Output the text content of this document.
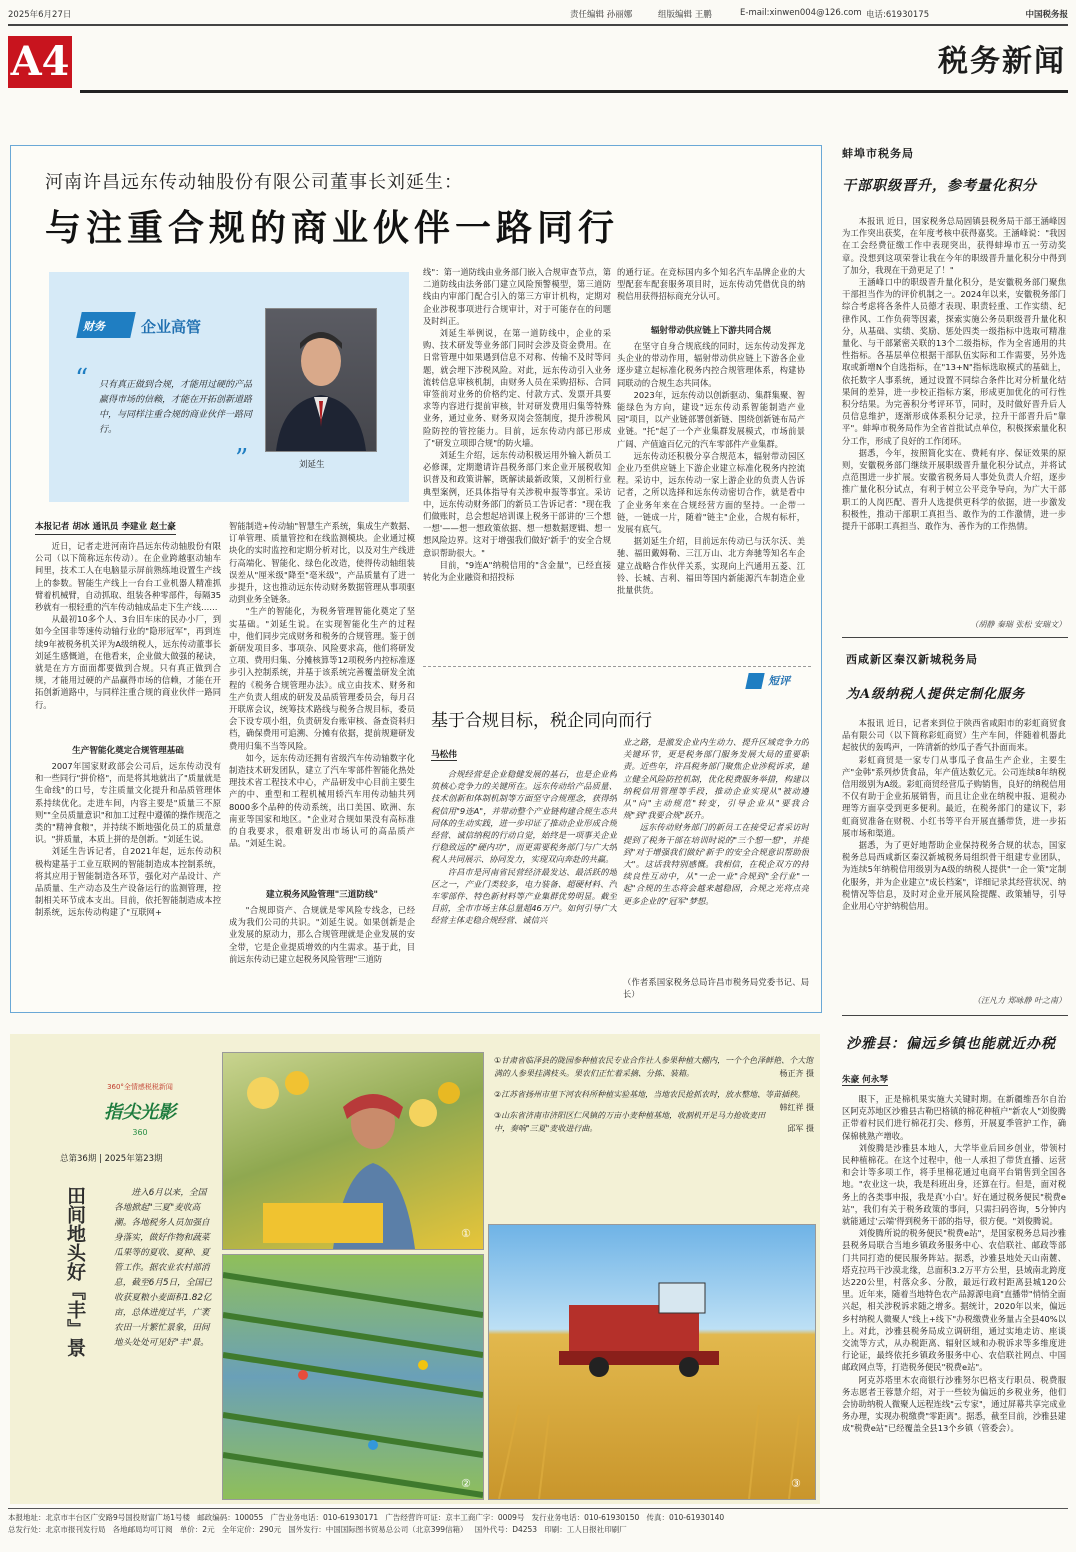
2025年6月27日	责任编辑 孙丽娜	组版编辑 王鹏	E-mail:xinwen004@126.com 电话:61930175	中国税务报
A4	税务新闻
河南许昌远东传动轴股份有限公司董事长刘延生：
与注重合规的商业伙伴一路同行
财务 企业高管
“ 只有真正做到合规，才能用过硬的产品赢得市场的信赖，才能在开拓创新道路中，与同样注重合规的商业伙伴一路同行。
”	刘延生
本报记者 胡冰 通讯员 李建业 赵士豪

近日，记者走进河南许昌远东传动轴股份有限公司（以下简称远东传动）。在企业跨越驱动轴车间里，技术工人在电脑显示屏前熟练地设置生产线上的参数。智能生产线上一台台工业机器人精准抓臂着机械臂，自动抓取、组装各种零部件，每隔35秒就有一根轻重的汽车传动轴成品走下生产线……

从最初10多个人、3台旧车床的民办小厂，到如今全国非等速传动轴行业的"隐形冠军"，再到连续9年被税务机关评为A级纳税人，远东传动董事长刘延生感慨道，在他看来，企业做大做强的秘诀，就是在方方面面都要做到合规。只有真正做到合规，才能用过硬的产品赢得市场的信赖，才能在开拓创新道路中，与同样注重合规的商业伙伴一路同行。

生产智能化奠定合规管理基础

2007年国家财政部会公司后，远东传动没有和一些同行"拼价格"，而是将其地就出了"质量就是生命线"的口号，专注质量文化提升和品质管理体系持续优化。走进车间，内容主要是"质量三不原则""全员质量意识"和加工过程中遵循的操作规范之类的"精神食粮"，并持续不断地强化员工的质量意识。"拼质量，本质上拼的是创新。"刘延生说。

刘延生告诉记者，自2021年起，远东传动积极构建基于工业互联网的智能制造成本控制系统，将其应用于智能制造各环节，强化对产品设计、产品质量、生产动态及生产设备运行的监测管理，控制相关环节成本支出。目前，依托智能制造成本控制系统，远东传动构建了"互联网+

智能制造+传动轴"智慧生产系统，集成生产数据、订单管理、质量管控和在线监测模块。企业通过模块化的实时监控和定期分析对比，以及对生产线进行高端化、智能化、绿色化改造，使得传动轴组装误差从"厘米级"降至"毫米级"，产品质量有了进一步提升，这也推动远东传动财务数据管理从事项驱动到业务全链条。

"生产的智能化，为税务管理智能化奠定了坚实基础。"刘延生说。在实现智能化生产的过程中，他们同步完成财务和税务的合规管理。鉴于创新研发项目多、事项杂、风险要求高，他们将研发立项、费用归集、分摊核算等12项税务内控标准逐步引入控制系统，并基于该系统完善覆盖研发全流程的《税务合规管理办法》。成立由技术、财务和生产负责人组成的研发及品质管理委员会，每月召开联席会议，统筹技术路线与税务合规目标，委员会下设专项小组，负责研发台账审核、备查资料归档，确保费用可追溯、分摊有依据，提前规避研发费用归集不当等风险。

如今，远东传动还拥有省级汽车传动轴数字化制造技术研发团队，建立了汽车零部件智能化热处理技术省工程技术中心，产品研发中心目前主要生产的中、重型和工程机械用轿汽车用传动轴共列8000多个品种的传动系统，出口美国、欧洲、东南亚等国家和地区。"企业对合规如果没有高标准的自我要求，很难研发出市场认可的高品质产品。"刘延生说。

建立税务风险管理"三道防线"

"合规即资产、合规就是零风险专线念，已经成为我们公司的共识。"刘延生说。如果创新是企业发展的原动力，那么合规管理就是企业发展的安全带，它是企业提质增效的内生需求。基于此，目前远东传动已建立起税务风险管理"三道防

线"：第一道防线由业务部门嵌入合规审查节点，第二道防线由法务部门建立风险预警模型，第三道防线由内审部门配合引入的第三方审计机构，定期对企业涉税事项进行合规审计，对于可能存在的问题及时纠正。

刘延生举例说，在第一道防线中，企业的采购、技术研发等业务部门同时会涉及资金费用。在日常管理中如果遇到信息不对称、传输不及时等问题，就会埋下涉税风险。对此，远东传动引入业务流转信息审核机制，由财务人员在采购招标、合同审签前对业务的价格约定、付款方式、发票开具要求等内容进行提前审核，针对研发费用归集等特殊业务，通过业务、财务双岗会签制度，提升涉税风险防控的管控能力。目前，远东传动内部已形成了"研发立项即合规"的防火墙。

刘延生介绍，远东传动积极运用外输入新员工必修课，定期邀请许昌税务部门来企业开展税收知识普及和政策讲解，既解读最新政策，又剖析行业典型案例，还具体指导有关涉税申报等事宜。采访中，远东传动财务部门的新员工告诉记者："现在我们做账时，总会想起培训课上税务干部讲的'三个想一想'——想一想政策依据、想一想数据逻辑、想一想风险边界。这对于增强我们做好'新手'的安全合规意识帮助很大。"

目前，"9连A"纳税信用的"含金量"，已经直接转化为企业融资和招投标

的通行证。在竞标国内多个知名汽车品牌企业的大型配套车配套服务项目时，远东传动凭借优良的纳税信用获得招标商充分认可。

辐射带动供应链上下游共同合规

在坚守自身合规底线的同时，远东传动发挥龙头企业的带动作用，辐射带动供应链上下游各企业逐步建立起标准化税务内控合规管理体系，构建协同联动的合规生态共同体。

2023年，远东传动以创新驱动、集群集聚、智能绿色为方向，建设"远东传动系智能制造产业园"项目，以产业链部署创新链、围绕创新链布局产业链。"托"起了一个产业集群发展模式，市场前景广阔、产值逾百亿元的汽车零部件产业集群。

远东传动还积极分享合规范本，辐射带动园区企业乃至供应链上下游企业建立标准化税务内控流程。采访中，远东传动一家上游企业的负责人告诉记者，之所以选择和远东传动密切合作，就是看中了企业务年来在合规经营方面的坚持。一企带一链，一链成一片，随着"链主"企业，合规有标杆，发展有底气。

据刘延生介绍，目前远东传动已与沃尔沃、美驰、福田戴姆勒、三江万山、北方奔驰等知名车企建立战略合作伙伴关系，实现向上汽通用五菱、江铃、长城、吉利、福田等国内新能源汽车制造企业批量供货。

短评
基于合规目标，税企同向而行
马松伟

合规经营是企业稳健发展的基石，也是企业构筑核心竞争力的关键所在。远东传动给产品质量、技术创新和体制机制等方面坚守合规理念，获得纳税信用"9连A"，并带动整个产业链构建合规生态共同体的生动实践，进一步印证了推动企业形成合规经营、诚信纳税的行动自觉，始终是一项事关企业行稳致远的"硬内功"，而更需要税务部门与广大纳税人共同展示、协同发力，实现双向奔赴的共赢。

许昌市是河南省民营经济最发达、最活跃的地区之一，产业门类较多，电力装备、超硬材料、汽车零部件、特色新材料等产业集群优势明显。截至目前，全市市场主体总量超46万户。如何引导广大经营主体走稳合规经营、诚信兴

业之路，是激发企业内生动力、提升区域竞争力的关键环节，更是税务部门服务发展大局的重要职责。近些年，许昌税务部门聚焦企业涉税诉求，建立健全风险防控机制，优化税费服务举措，构建以纳税信用管理等手段，推动企业实现从"被动遵从"向"主动规范"转变，引导企业从"要我合规"到"我要合规"跃升。

远东传动财务部门的新员工在接受记者采访时提到了税务干部在培训时说的"三个想一想"，并提到"对于增强我们做好'新手'的安全合规意识帮助很大"。这话我特别感慨。我相信，在税企双方的持续良性互动中，从"一企一业"合规到"全行业"一起"合规的生态将会越来越稳固，合规之光将点亮更多企业的"冠军"梦想。

（作者系国家税务总局许昌市税务局党委书记、局长）
蚌埠市税务局
干部职级晋升，参考量化积分

本报讯 近日，国家税务总局固镇县税务局干部王涵峰因为工作突出获奖，在年度考核中获得嘉奖。王涵峰说："我因在工会经费征缴工作中表现突出，获得蚌埠市五一劳动奖章。没想到这项荣誉让我在今年的职级晋升量化积分中得到了加分，我现在干劲更足了！"

王涵峰口中的职级晋升量化积分，是安徽税务部门聚焦干部担当作为的评价机制之一。2024年以来，安徽税务部门综合考虑将各条件人员德才表现、职责轻重、工作实绩、纪律作风、工作负荷等因素，探索实施公务员职级晋升量化积分，从基础、实绩、奖励、惩处四类一级指标中选取可精准量化、与干部紧密关联的13个二级指标，作为全省通用的共性指标。各基层单位根据干部队伍实际和工作需要，另外选取或新增N个自选指标，在"13+N"指标选取模式的基础上，依托数字人事系统，通过设置不同综合条件比对分析量化结果间的差异，进一步校正指标方案，形成更加优化的可行性积分结果。为完善积分考评环节，同时，及时做好晋升后人员信息维护，逐渐形成体系积分记录，拉升干部晋升后"靠平"。蚌埠市税务局作为全省首批试点单位，积极探索量化积分工作，形成了良好的工作闭环。

据悉，今年，按照简化实在、费耗有序、保证效果的原则，安徽税务部门继续开展职级晋升量化积分试点，并将试点范围进一步扩展。安徽省税务局人事处负责人介绍，逐步推广量化积分试点，有利于树立公平竞争导向，为广大干部职工的人岗匹配、晋升人选提供更科学的依据，进一步激发积极性，推动干部职工真担当、敢作为的工作激情，进一步提升干部职工真担当、敢作为、善作为的工作热情。

（胡静 秦瑞 张松 安瑞文）
西咸新区秦汉新城税务局
为A级纳税人提供定制化服务

本报讯 近日，记者来到位于陕西省咸阳市的彩虹商贸食品有限公司（以下简称彩虹商贸）生产车间，伴随着机器此起彼伏的轰鸣声，一阵清新的炒瓜子香气扑面而来。

彩虹商贸是一家专门从事瓜子食品生产企业，主要生产"金韩"系列炒货食品，年产值达数亿元。公司连续8年纳税信用级别为A级。彩虹商贸经营瓜子购销售，良好的纳税信用不仅有助于企业拓展销售，而且让企业在纳税申报、退税办理等方面享受到更多便利。最近，在税务部门的建议下，彩虹商贸准备在财税、小红书等平台开展直播带货，进一步拓展市场和渠道。

据悉，为了更好地帮助企业保持税务合规的状态，国家税务总局西咸新区秦汉新城税务局组织骨干组建专业团队，为连续5年纳税信用级别为A级的纳税人提供"一企一策"定制化服务，并为企业建立"成长档案"，详细记录其经营状况、纳税情况等信息，及时对企业开展风险提醒、政策辅导，引导企业用心守护纳税信用。

（汪凡力 郑咏静 叶之南）
沙雅县：偏远乡镇也能就近办税
朱豪 何永琴

眼下，正是棉机果实施大关键时期。在新疆维吾尔自治区阿克苏地区沙雅县古勒巴格镇的棉花种植户"新农人"刘俊腾正带着村民们进行棉花打尖、修剪，开展夏季管护工作，确保棉桃熟产增收。

刘俊腾是沙雅县本地人，大学毕业后回乡创业，带领村民种植棉花。在这个过程中，他一人承担了带货直播、运营和会计等多项工作，将手里棉花通过电商平台销售到全国各地。"农业这一块，我是科班出身，还算在行。但是，面对税务上的各类事申报，我是真'小白'。好在通过税务便民"税费e站"，我们有关于税务政策的事问，只需扫码咨询，5分钟内就能通过'云端'得到税务干部的指导，很方便。"刘俊腾说。

刘俊腾所说的税务便民"税费e站"，是国家税务总局沙雅县税务局联合当地乡镇政务服务中心、农信联社、邮政等部门共同打造的便民服务阵站。据悉，沙雅县地处天山南麓、塔克拉玛干沙漠北缘，总面积3.2万平方公里，县域南北跨度达220公里，村落众多、分散，最远行政村距离县城120公里。近年来，随着当地特色农产品源源电商"直播带"悄悄全面兴起，相关涉税诉求随之增多。据统计，2020年以来，偏远乡村纳税人微聚人"线上+线下"办税缴费业务量占全县40%以上。对此，沙雅县税务局成立调研组，通过实地走访、座谈交流等方式，从办税距离、辐射区域和办税诉求等多维度进行论证，最终依托乡镇政务服务中心、农信联社网点、中国邮政网点等，打造税务便民"税费e站"。

阿克苏塔里木农商银行沙雅努尔巴格支行职员、税费服务志愿者王蓉慧介绍，对于一些较为偏远的乡税业务，他们会协助纳税人微聚人远程连线"云专家"，通过屏幕共享完成业务办理，实现办税缴费"零距离"。据悉，截至目前，沙雅县建成"税费e站"已经覆盖全县13个乡镇（管委会）。

360°全情感税税新闻
指尖光影
360
总第36期 | 2025年第23期
田间地头好『丰』景	进入6月以来，全国各地掀起"三夏"麦收高潮。各地税务人员加强自身落实，做好作物和蔬菜瓜果等的夏收、夏种、夏管工作。据农业农村部消息，截至6月5日，全国已收获夏粮小麦面积1.82亿亩，总体进度过半，广袤农田一片繁忙景象，田间地头处处可见好"丰"景。

①
②

①甘肃省临泽县的陇园参种植农民专业合作社人参果种植大棚内，一个个色泽鲜艳、个大饱满的人参果挂满枝头。果农们正忙着采摘、分拣、装箱。	杨正齐 摄

②江苏省扬州市里下河农科所种植实验基地，当地农民抢抓农时，放水整地、等苗插秧。
韩红祥 摄

③山东省济南市济阳区仁风镇的万亩小麦种植基地，收割机开足马力抢收麦田中，奏响"三夏"麦收进行曲。	邱军 摄

③
本报地址：北京市丰台区广安路9号国投财富广场1号楼 邮政编码：100055 广告业务电话：010-61930171 广告经营许可证：京丰工商广字：0009号 发行业务电话：010-61930150 传真：010-61930140
总发行处：北京市报刊发行局 各地邮局均可订阅 单价：2元 全年定价：290元 国外发行：中国国际图书贸易总公司（北京399信箱） 国外代号：D4253 印刷：工人日报社印刷厂
